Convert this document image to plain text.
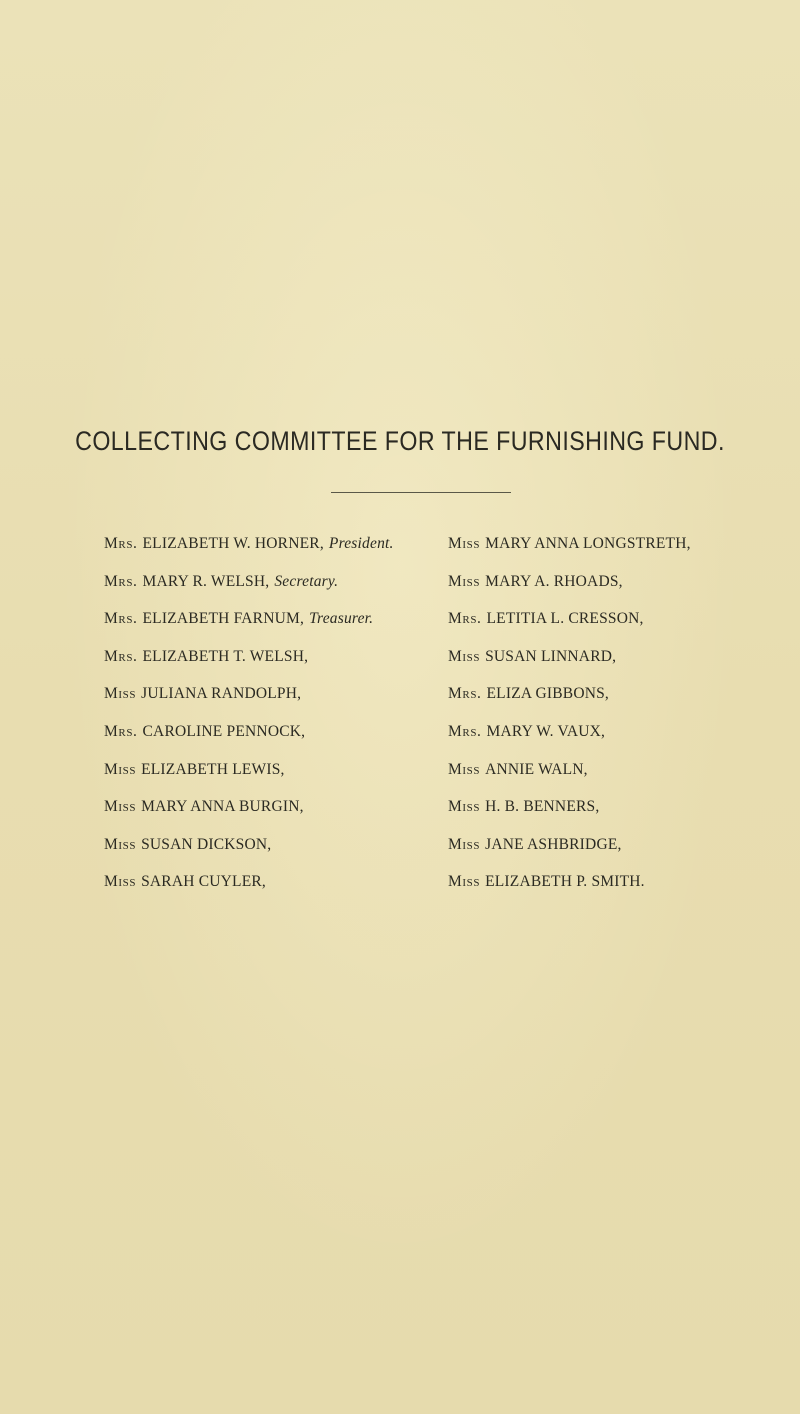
COLLECTING COMMITTEE FOR THE FURNISHING FUND.
Mrs. ELIZABETH W. HORNER, President.
Mrs. MARY R. WELSH, Secretary.
Mrs. ELIZABETH FARNUM, Treasurer.
Mrs. ELIZABETH T. WELSH,
Miss JULIANA RANDOLPH,
Mrs. CAROLINE PENNOCK,
Miss ELIZABETH LEWIS,
Miss MARY ANNA BURGIN,
Miss SUSAN DICKSON,
Miss SARAH CUYLER,
Miss MARY ANNA LONGSTRETH,
Miss MARY A. RHOADS,
Mrs. LETITIA L. CRESSON,
Miss SUSAN LINNARD,
Mrs. ELIZA GIBBONS,
Mrs. MARY W. VAUX,
Miss ANNIE WALN,
Miss H. B. BENNERS,
Miss JANE ASHBRIDGE,
Miss ELIZABETH P. SMITH.
